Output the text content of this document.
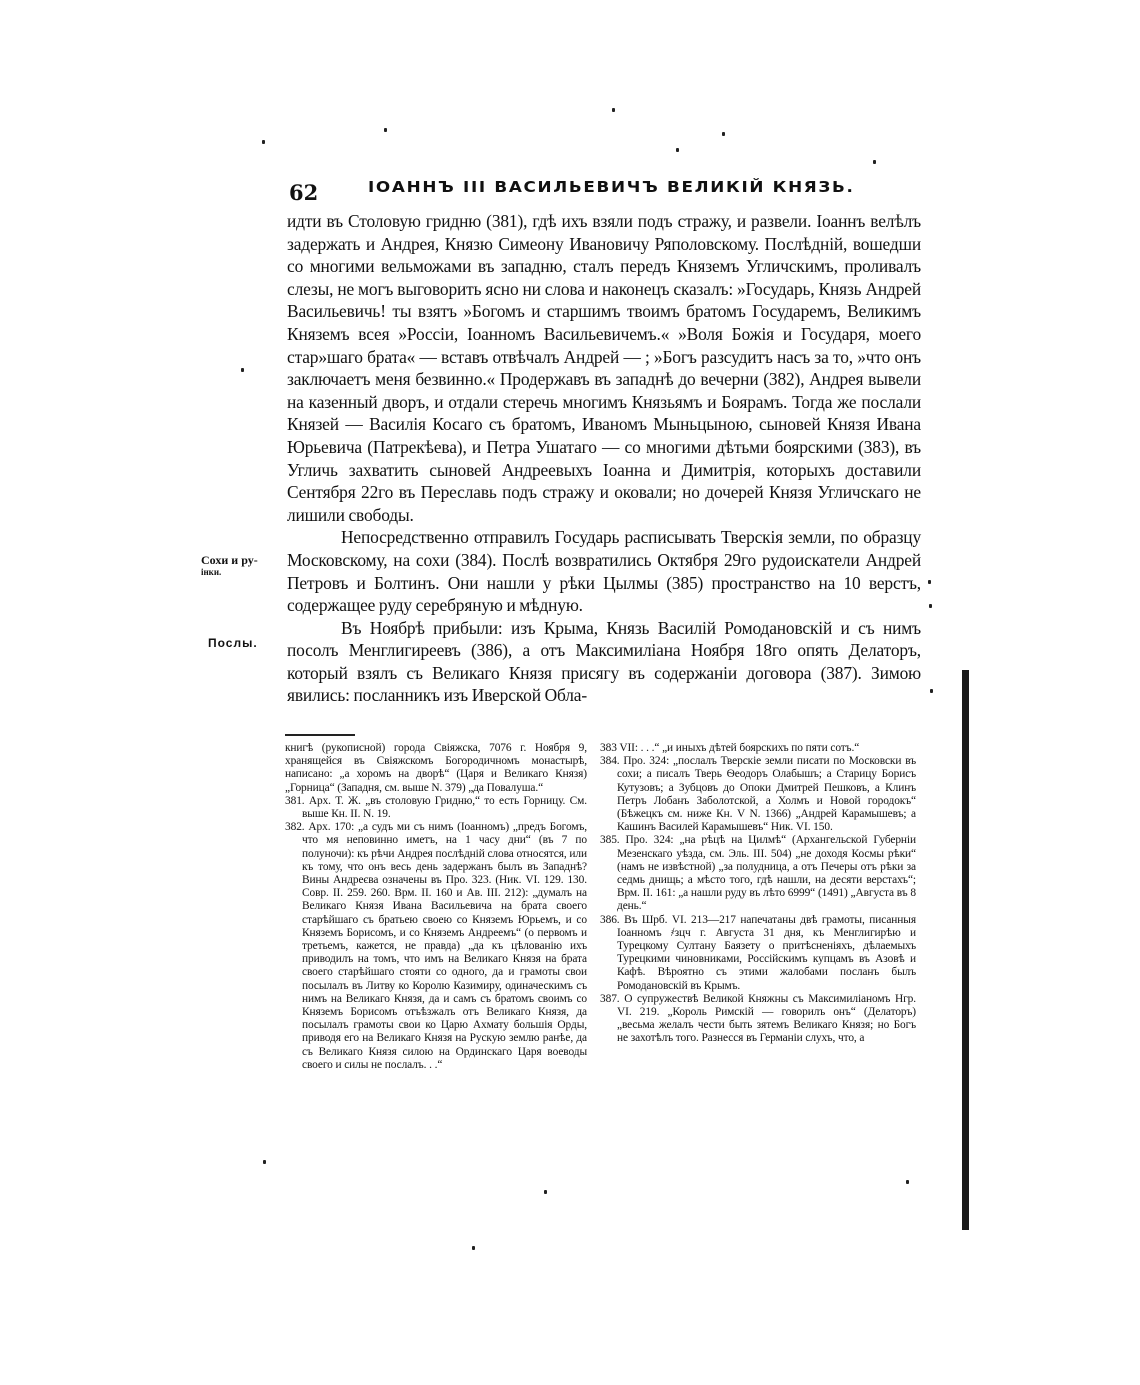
62	IОАННЪ III ВАСИЛЬЕВИЧЪ ВЕЛИКІЙ КНЯЗЬ.
Сохи и ру-
інки.
Послы.

идти въ Столовую гридню (381), гдѣ ихъ взяли подъ стражу, и развели. Іоаннъ велѣлъ задержать и Андрея, Князю Симеону Ивановичу Ряполовскому. Послѣдній, вошедши со многими вельможами въ западню, сталъ передъ Княземъ Угличскимъ, проливалъ слезы, не могъ выговорить ясно ни слова и наконецъ сказалъ: »Государь, Князь Андрей Васильевичь! ты взятъ »Богомъ и старшимъ твоимъ братомъ Государемъ, Великимъ Княземъ всея »Россіи, Іоанномъ Васильевичемъ.« »Воля Божія и Государя, моего стар»шаго брата« — вставъ отвѣчалъ Андрей — ; »Богъ разсудитъ насъ за то, »что онъ заключаетъ меня безвинно.« Продержавъ въ западнѣ до вечерни (382), Андрея вывели на казенный дворъ, и отдали стеречь многимъ Князьямъ и Боярамъ. Тогда же послали Князей — Василія Косаго съ братомъ, Иваномъ Мыньцыною, сыновей Князя Ивана Юрьевича (Патрекѣева), и Петра Ушатаго — со многими дѣтьми боярскими (383), въ Угличь захватить сыновей Андреевыхъ Іоанна и Димитрія, которыхъ доставили Сентября 22го въ Переславь подъ стражу и оковали; но дочерей Князя Угличскаго не лишили свободы.

Непосредственно отправилъ Государь расписывать Тверскія земли, по образцу Московскому, на сохи (384). Послѣ возвратились Октября 29го рудоискатели Андрей Петровъ и Болтинъ. Они нашли у рѣки Цылмы (385) пространство на 10 верстъ, содержащее руду серебряную и мѣдную.

Въ Ноябрѣ прибыли: изъ Крыма, Князь Василій Ромодановскій и съ нимъ посолъ Менглигиреевъ (386), а отъ Максимиліана Ноября 18го опять Делаторъ, который взялъ съ Великаго Князя присягу въ содержаніи договора (387). Зимою явились: посланникъ изъ Иверской Обла-

книгѣ (рукописной) города Свіяжска, 7076 г. Ноября 9, хранящейся въ Свіяжскомъ Богородичномъ монастырѣ, написано: „а хоромъ на дворѣ“ (Царя и Великаго Князя) „Горница“ (Западня, см. выше N. 379) „да Повалуша.“

381. Арх. Т. Ж. „въ столовую Гридню,“ то есть Горницу. См. выше Кн. II. N. 19.

382. Арх. 170: „а судъ ми съ нимъ (Іоанномъ) „предъ Богомъ, что мя неповинно иметъ, на 1 часу дни“ (въ 7 по полуночи): къ рѣчи Андрея послѣдній слова относятся, или къ тому, что онъ весь день задержанъ былъ въ Западнѣ? Вины Андреєва означены въ Про. 323. (Ник. VI. 129. 130. Совр. II. 259. 260. Врм. II. 160 и Ав. III. 212): „думалъ на Великаго Князя Ивана Васильевича на брата своего старѣйшаго съ братьею своею со Княземъ Юрьемъ, и со Княземъ Борисомъ, и со Княземъ Андреемъ“ (о первомъ и третьемъ, кажется, не правда) „да къ цѣлованію ихъ приводилъ на томъ, что имъ на Великаго Князя на брата своего старѣйшаго стояти со одного, да и грамоты свои посылалъ въ Литву ко Королю Казимиру, одиначескимъ съ нимъ на Великаго Князя, да и самъ съ братомъ своимъ со Княземъ Борисомъ отъѣзжалъ отъ Великаго Князя, да посылалъ грамоты свои ко Царю Ахмату большія Орды, приводя его на Великаго Князя на Рускую землю ранѣе, да съ Великаго Князя силою на Ординскаго Царя воеводы своего и силы не послалъ. . .“

383 VII: . . .“ „и иныхъ дѣтей боярскихъ по пяти сотъ.“

384. Про. 324: „послалъ Тверскіе земли писати по Московски въ сохи; а писалъ Тверь Ѳеодоръ Олабышъ; а Старицу Борисъ Кутузовъ; а Зубцовъ до Опоки Дмитрей Пешковъ, а Клинъ Петръ Лобанъ Заболотской, а Холмъ и Новой городокъ“ (Бѣжецкъ см. ниже Кн. V N. 1366) „Андрей Карамышевъ; а Кашинъ Василей Карамышевъ“ Ник. VI. 150.

385. Про. 324: „на рѣцѣ на Цилмѣ“ (Архангельской Губерніи Мезенскаго уѣзда, см. Эль. III. 504) „не доходя Космы рѣки“ (намъ не извѣстной) „за полудница, а отъ Печеры отъ рѣки за седмь днищь; а мѣсто того, гдѣ нашли, на десяти верстахъ“; Врм. II. 161: „а нашли руду въ лѣто 6999“ (1491) „Августа въ 8 день.“

386. Въ Шрб. VI. 213—217 напечатаны двѣ грамоты, писанныя Іоанномъ ҂зцч г. Августа 31 дня, къ Менглигирѣю и Турецкому Султану Баязету о притѣсненіяхъ, дѣлаемыхъ Турецкими чиновниками, Россійскимъ купцамъ въ Азовѣ и Кафѣ. Вѣроятно съ этими жалобами посланъ былъ Ромодановскій въ Крымъ.

387. О супружествѣ Великой Княжны съ Максимиліаномъ Нгр. VI. 219. „Король Римскій — говорилъ онъ“ (Делаторъ) „весьма желалъ чести быть зятемъ Великаго Князя; но Богъ не захотѣлъ того. Разнесся въ Германіи слухъ, что, а
